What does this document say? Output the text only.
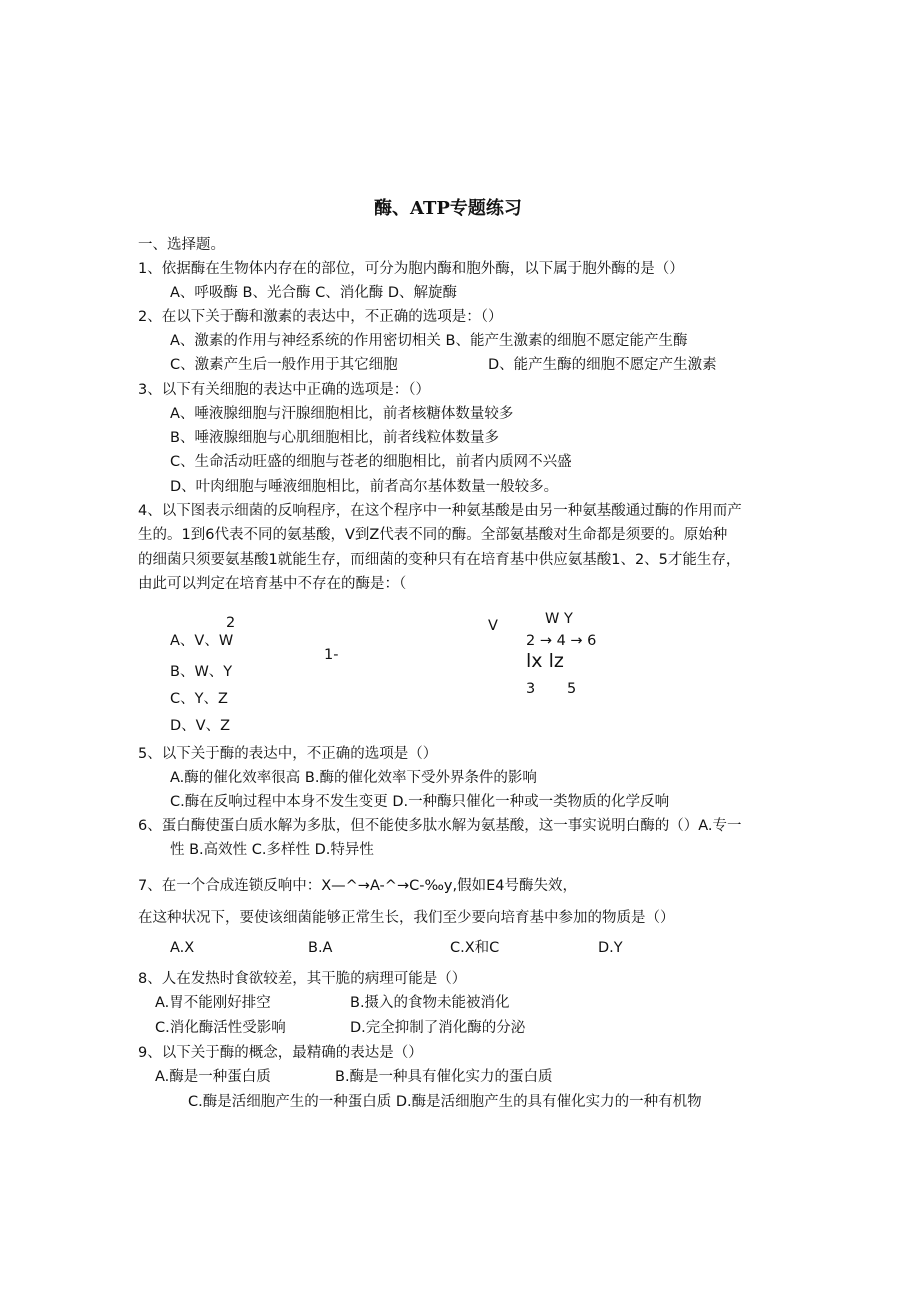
酶、ATP专题练习
一、选择题。
1、依据酶在生物体内存在的部位，可分为胞内酶和胞外酶，以下属于胞外酶的是（）
A、呼吸酶 B、光合酶 C、消化酶 D、解旋酶
2、在以下关于酶和激素的表达中，不正确的选项是：（）
A、激素的作用与神经系统的作用密切相关 B、能产生激素的细胞不愿定能产生酶
C、激素产生后一般作用于其它细胞	D、能产生酶的细胞不愿定产生激素
3、以下有关细胞的表达中正确的选项是：（）
A、唾液腺细胞与汗腺细胞相比，前者核糖体数量较多
B、唾液腺细胞与心肌细胞相比，前者线粒体数量多
C、生命活动旺盛的细胞与苍老的细胞相比，前者内质网不兴盛
D、叶肉细胞与唾液细胞相比，前者高尔基体数量一般较多。
4、以下图表示细菌的反响程序，在这个程序中一种氨基酸是由另一种氨基酸通过酶的作用而产
生的。1到6代表不同的氨基酸，V到Z代表不同的酶。全部氨基酸对生命都是须要的。原始种
的细菌只须要氨基酸1就能生存，而细菌的变种只有在培育基中供应氨基酸1、2、5才能生存，
由此可以判定在培育基中不存在的酶是：（
2
A、V、W
1-
V	W Y
2 → 4 → 6
lx lz
3 5
B、W、Y
C、Y、Z
D、V、Z
5、以下关于酶的表达中，不正确的选项是（）
A.酶的催化效率很高 B.酶的催化效率下受外界条件的影响
C.酶在反响过程中本身不发生变更 D.一种酶只催化一种或一类物质的化学反响
6、蛋白酶使蛋白质水解为多肽，但不能使多肽水解为氨基酸，这一事实说明白酶的（）A.专一
性 B.高效性 C.多样性 D.特异性
7、在一个合成连锁反响中：X—^→A-^→C-‰y,假如E4号酶失效，
在这种状况下，要使该细菌能够正常生长，我们至少要向培育基中参加的物质是（）
A.X	B.A	C.X和C	D.Y
8、人在发热时食欲较差，其干脆的病理可能是（）
A.胃不能刚好排空	B.摄入的食物未能被消化
C.消化酶活性受影响	D.完全抑制了消化酶的分泌
9、以下关于酶的概念，最精确的表达是（）
A.酶是一种蛋白质	B.酶是一种具有催化实力的蛋白质
C.酶是活细胞产生的一种蛋白质 D.酶是活细胞产生的具有催化实力的一种有机物
